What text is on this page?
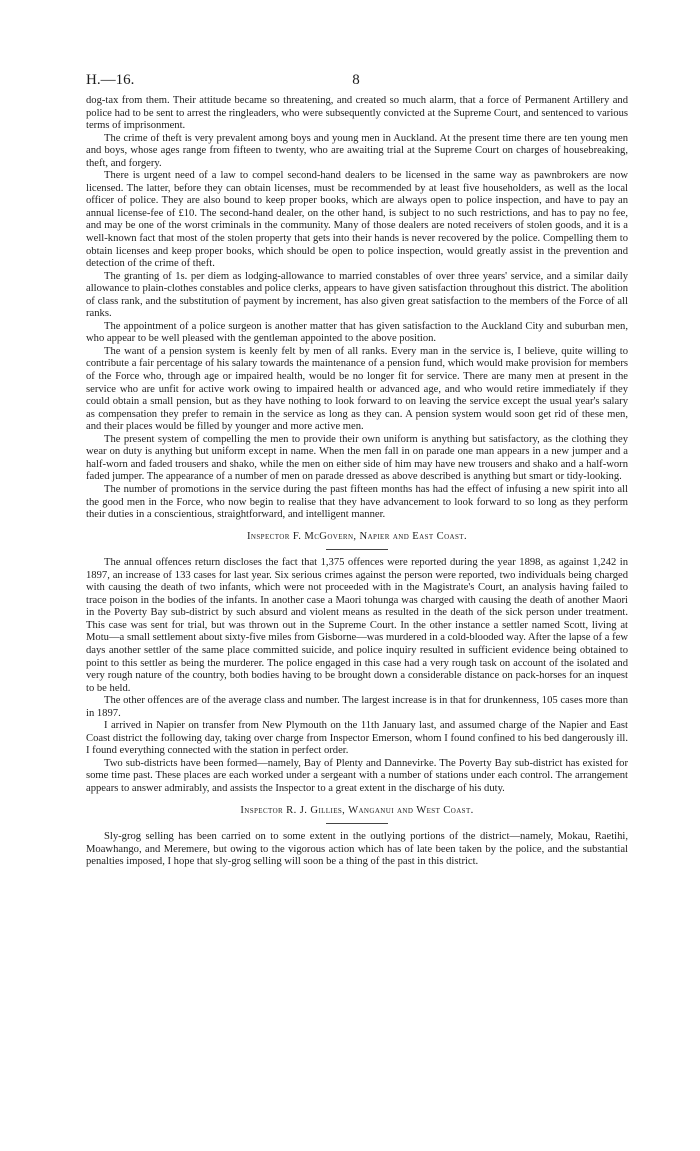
H.—16.	8

dog-tax from them. Their attitude became so threatening, and created so much alarm, that a force of Permanent Artillery and police had to be sent to arrest the ringleaders, who were subsequently convicted at the Supreme Court, and sentenced to various terms of imprisonment.

The crime of theft is very prevalent among boys and young men in Auckland. At the present time there are ten young men and boys, whose ages range from fifteen to twenty, who are awaiting trial at the Supreme Court on charges of housebreaking, theft, and forgery.

There is urgent need of a law to compel second-hand dealers to be licensed in the same way as pawnbrokers are now licensed. The latter, before they can obtain licenses, must be recommended by at least five householders, as well as the local officer of police. They are also bound to keep proper books, which are always open to police inspection, and have to pay an annual license-fee of £10. The second-hand dealer, on the other hand, is subject to no such restrictions, and has to pay no fee, and may be one of the worst criminals in the community. Many of those dealers are noted receivers of stolen goods, and it is a well-known fact that most of the stolen property that gets into their hands is never recovered by the police. Compelling them to obtain licenses and keep proper books, which should be open to police inspection, would greatly assist in the prevention and detection of the crime of theft.

The granting of 1s. per diem as lodging-allowance to married constables of over three years' service, and a similar daily allowance to plain-clothes constables and police clerks, appears to have given satisfaction throughout this district. The abolition of class rank, and the substitution of payment by increment, has also given great satisfaction to the members of the Force of all ranks.

The appointment of a police surgeon is another matter that has given satisfaction to the Auckland City and suburban men, who appear to be well pleased with the gentleman appointed to the above position.

The want of a pension system is keenly felt by men of all ranks. Every man in the service is, I believe, quite willing to contribute a fair percentage of his salary towards the maintenance of a pension fund, which would make provision for members of the Force who, through age or impaired health, would be no longer fit for service. There are many men at present in the service who are unfit for active work owing to impaired health or advanced age, and who would retire immediately if they could obtain a small pension, but as they have nothing to look forward to on leaving the service except the usual year's salary as compensation they prefer to remain in the service as long as they can. A pension system would soon get rid of these men, and their places would be filled by younger and more active men.

The present system of compelling the men to provide their own uniform is anything but satisfactory, as the clothing they wear on duty is anything but uniform except in name. When the men fall in on parade one man appears in a new jumper and a half-worn and faded trousers and shako, while the men on either side of him may have new trousers and shako and a half-worn faded jumper. The appearance of a number of men on parade dressed as above described is anything but smart or tidy-looking.

The number of promotions in the service during the past fifteen months has had the effect of infusing a new spirit into all the good men in the Force, who now begin to realise that they have advancement to look forward to so long as they perform their duties in a conscientious, straightforward, and intelligent manner.

Inspector F. McGovern, Napier and East Coast.

The annual offences return discloses the fact that 1,375 offences were reported during the year 1898, as against 1,242 in 1897, an increase of 133 cases for last year. Six serious crimes against the person were reported, two individuals being charged with causing the death of two infants, which were not proceeded with in the Magistrate's Court, an analysis having failed to trace poison in the bodies of the infants. In another case a Maori tohunga was charged with causing the death of another Maori in the Poverty Bay sub-district by such absurd and violent means as resulted in the death of the sick person under treatment. This case was sent for trial, but was thrown out in the Supreme Court. In the other instance a settler named Scott, living at Motu—a small settlement about sixty-five miles from Gisborne—was murdered in a cold-blooded way. After the lapse of a few days another settler of the same place committed suicide, and police inquiry resulted in sufficient evidence being obtained to point to this settler as being the murderer. The police engaged in this case had a very rough task on account of the isolated and very rough nature of the country, both bodies having to be brought down a considerable distance on pack-horses for an inquest to be held.

The other offences are of the average class and number. The largest increase is in that for drunkenness, 105 cases more than in 1897.

I arrived in Napier on transfer from New Plymouth on the 11th January last, and assumed charge of the Napier and East Coast district the following day, taking over charge from Inspector Emerson, whom I found confined to his bed dangerously ill. I found everything connected with the station in perfect order.

Two sub-districts have been formed—namely, Bay of Plenty and Dannevirke. The Poverty Bay sub-district has existed for some time past. These places are each worked under a sergeant with a number of stations under each control. The arrangement appears to answer admirably, and assists the Inspector to a great extent in the discharge of his duty.

Inspector R. J. Gillies, Wanganui and West Coast.

Sly-grog selling has been carried on to some extent in the outlying portions of the district—namely, Mokau, Raetihi, Moawhango, and Meremere, but owing to the vigorous action which has of late been taken by the police, and the substantial penalties imposed, I hope that sly-grog selling will soon be a thing of the past in this district.
